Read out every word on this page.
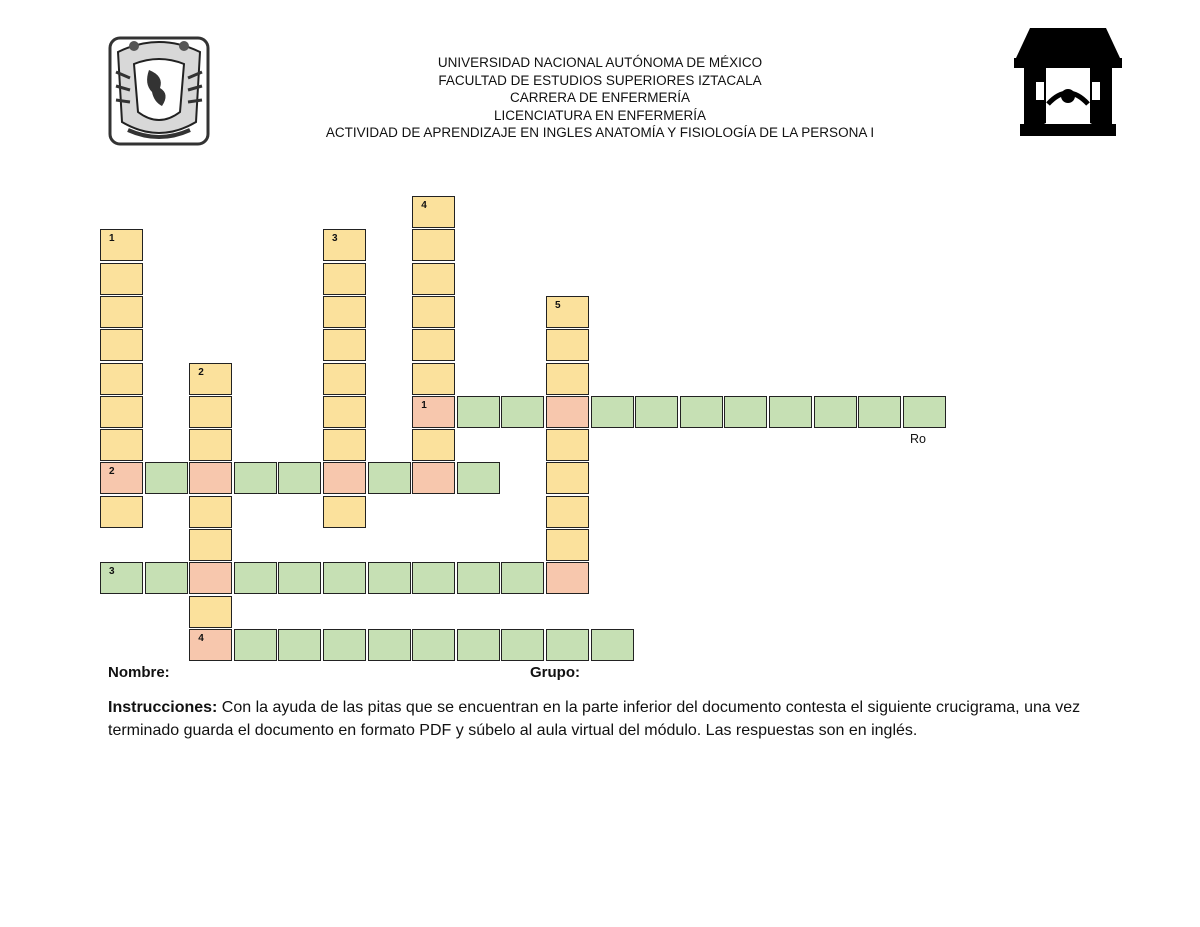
UNIVERSIDAD NACIONAL AUTÓNOMA DE MÉXICO
FACULTAD DE ESTUDIOS SUPERIORES IZTACALA
CARRERA DE ENFERMERÍA
LICENCIATURA EN ENFERMERÍA
ACTIVIDAD DE APRENDIZAJE EN INGLES ANATOMÍA Y FISIOLOGÍA DE LA PERSONA I
1
2
2
4
3
4
1
5
3
Ro
Nombre:	Grupo:
Instrucciones: Con la ayuda de las pitas que se encuentran en la parte inferior del documento contesta el siguiente crucigrama, una vez terminado guarda el documento en formato PDF y súbelo al aula virtual del módulo. Las respuestas son en inglés.
